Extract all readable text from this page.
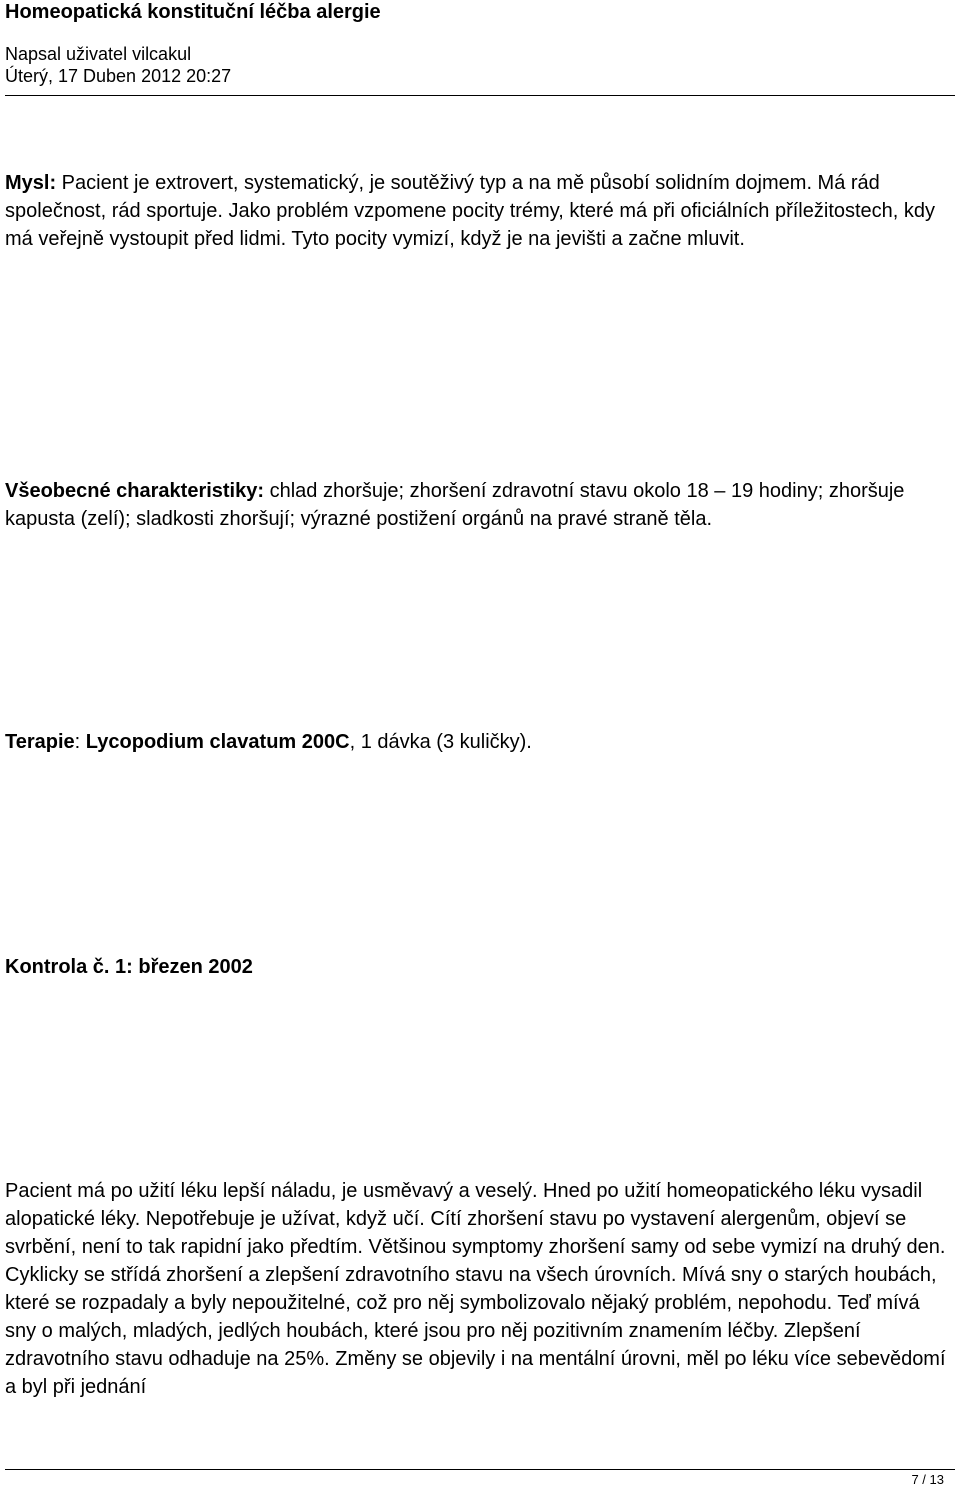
Homeopatická konstituční léčba alergie

Napsal uživatel vilcakul

Úterý, 17 Duben 2012 20:27

Mysl: Pacient je extrovert, systematický, je soutěživý typ a na mě působí solidním dojmem. Má rád společnost, rád sportuje. Jako problém vzpomene pocity trémy, které má při oficiálních příležitostech, kdy má veřejně vystoupit před lidmi. Tyto pocity vymizí, když je na jevišti a začne mluvit.

Všeobecné charakteristiky: chlad zhoršuje; zhoršení zdravotní stavu okolo 18 – 19 hodiny; zhoršuje kapusta (zelí); sladkosti zhoršují; výrazné postižení orgánů na pravé straně těla.

Terapie: Lycopodium clavatum 200C, 1 dávka (3 kuličky).

Kontrola č. 1: březen 2002

Pacient má po užití léku lepší náladu, je usměvavý a veselý. Hned po užití homeopatického léku vysadil alopatické léky. Nepotřebuje je užívat, když učí. Cítí zhoršení stavu po vystavení alergenům, objeví se svrbění, není to tak rapidní jako předtím. Většinou symptomy zhoršení samy od sebe vymizí na druhý den. Cyklicky se střídá zhoršení a zlepšení zdravotního stavu na všech úrovních. Mívá sny o starých houbách, které se rozpadaly a byly nepoužitelné, což pro něj symbolizovalo nějaký problém, nepohodu. Teď mívá sny o malých, mladých, jedlých houbách, které jsou pro něj pozitivním znamením léčby. Zlepšení zdravotního stavu odhaduje na 25%. Změny se objevily i na mentální úrovni, měl po léku více sebevědomí a byl při jednání

7 / 13
